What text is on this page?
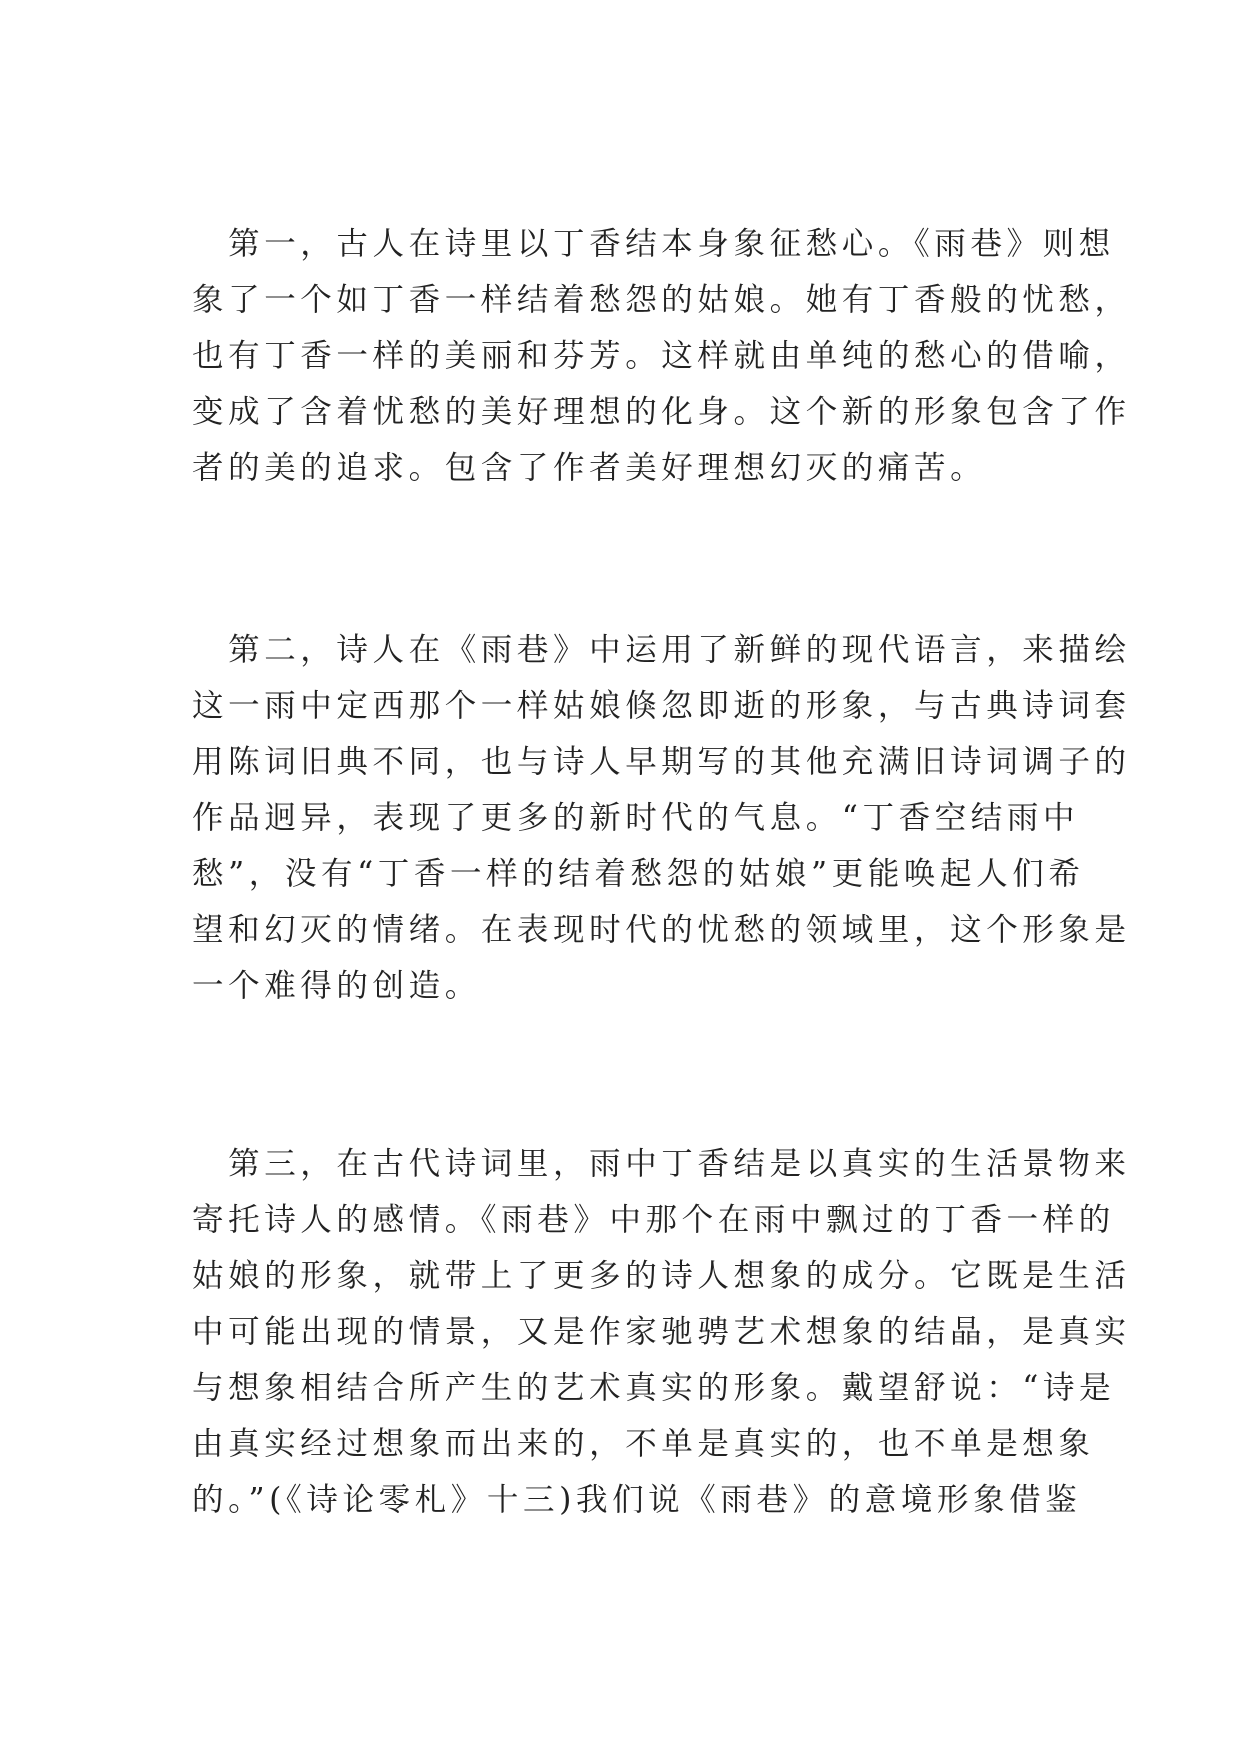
　第一，古人在诗里以丁香结本身象征愁心。《雨巷》则想
象了一个如丁香一样结着愁怨的姑娘。她有丁香般的忧愁，
也有丁香一样的美丽和芬芳。这样就由单纯的愁心的借喻，
变成了含着忧愁的美好理想的化身。这个新的形象包含了作
者的美的追求。包含了作者美好理想幻灭的痛苦。
　第二，诗人在《雨巷》中运用了新鲜的现代语言，来描绘
这一雨中定西那个一样姑娘倏忽即逝的形象，与古典诗词套
用陈词旧典不同，也与诗人早期写的其他充满旧诗词调子的
作品迥异，表现了更多的新时代的气息。“丁香空结雨中
愁”，没有“丁香一样的结着愁怨的姑娘”更能唤起人们希
望和幻灭的情绪。在表现时代的忧愁的领域里，这个形象是
一个难得的创造。
　第三，在古代诗词里，雨中丁香结是以真实的生活景物来
寄托诗人的感情。《雨巷》中那个在雨中飘过的丁香一样的
姑娘的形象，就带上了更多的诗人想象的成分。它既是生活
中可能出现的情景，又是作家驰骋艺术想象的结晶，是真实
与想象相结合所产生的艺术真实的形象。戴望舒说：“诗是
由真实经过想象而出来的，不单是真实的，也不单是想象
的。”(《诗论零札》十三)我们说《雨巷》的意境形象借鉴
